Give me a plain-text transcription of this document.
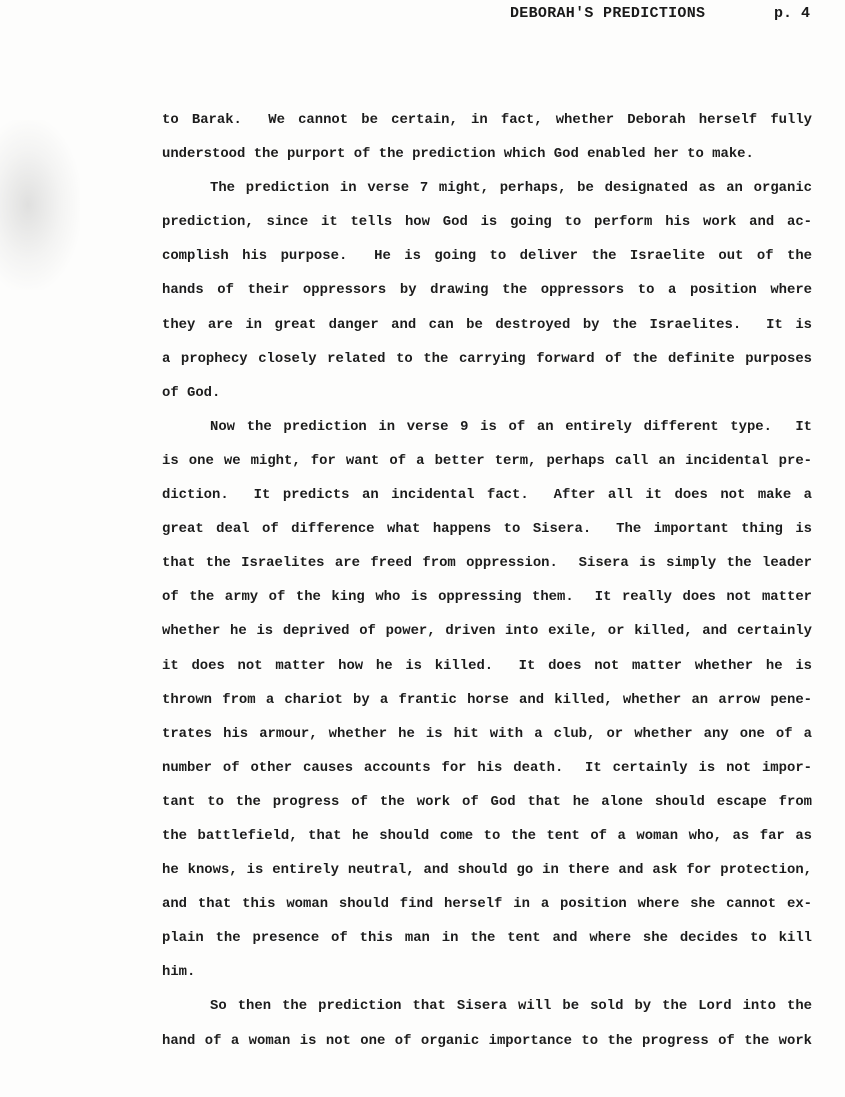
DEBORAH'S PREDICTIONS	p. 4
to Barak.  We cannot be certain, in fact, whether Deborah herself fully
understood the purport of the prediction which God enabled her to make.
The prediction in verse 7 might, perhaps, be designated as an organic
prediction, since it tells how God is going to perform his work and ac-
complish his purpose.  He is going to deliver the Israelite out of the
hands of their oppressors by drawing the oppressors to a position where
they are in great danger and can be destroyed by the Israelites.  It is
a prophecy closely related to the carrying forward of the definite purposes
of God.
Now the prediction in verse 9 is of an entirely different type.  It
is one we might, for want of a better term, perhaps call an incidental pre-
diction.  It predicts an incidental fact.  After all it does not make a
great deal of difference what happens to Sisera.  The important thing is
that the Israelites are freed from oppression.  Sisera is simply the leader
of the army of the king who is oppressing them.  It really does not matter
whether he is deprived of power, driven into exile, or killed, and certainly
it does not matter how he is killed.  It does not matter whether he is
thrown from a chariot by a frantic horse and killed, whether an arrow pene-
trates his armour, whether he is hit with a club, or whether any one of a
number of other causes accounts for his death.  It certainly is not impor-
tant to the progress of the work of God that he alone should escape from
the battlefield, that he should come to the tent of a woman who, as far as
he knows, is entirely neutral, and should go in there and ask for protection,
and that this woman should find herself in a position where she cannot ex-
plain the presence of this man in the tent and where she decides to kill
him.
So then the prediction that Sisera will be sold by the Lord into the
hand of a woman is not one of organic importance to the progress of the work
